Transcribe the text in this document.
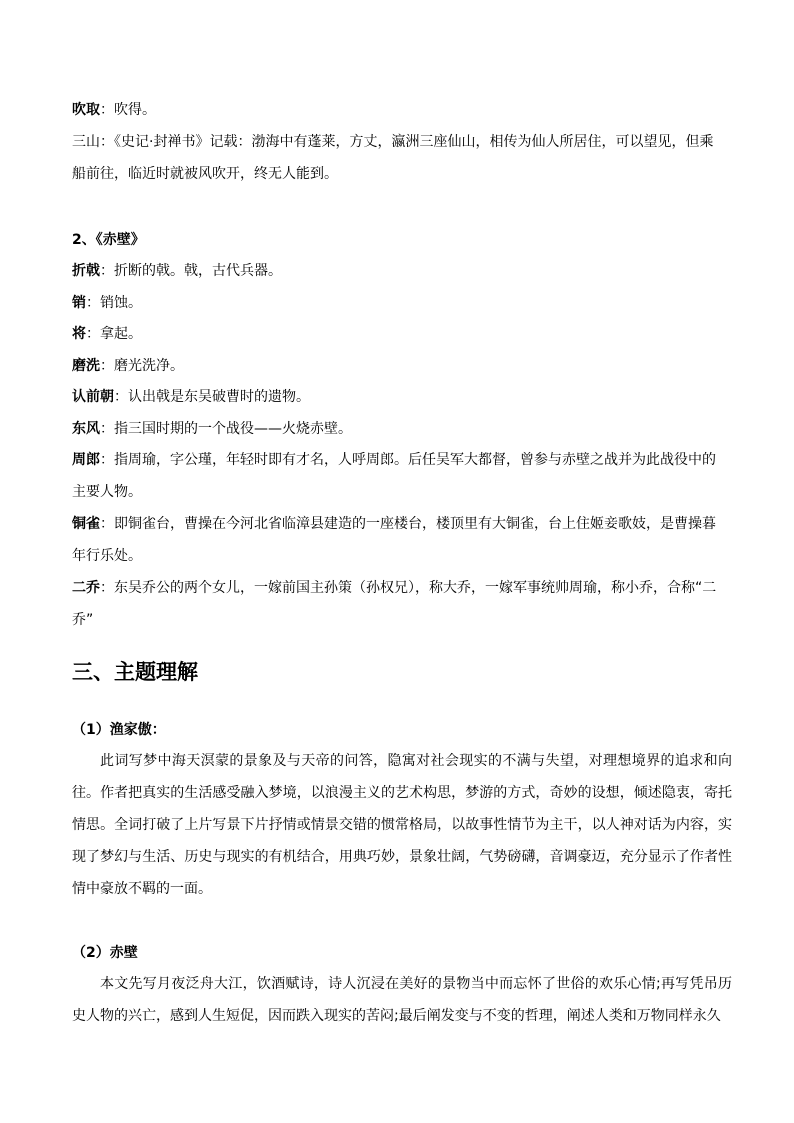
吹取：吹得。
三山：《史记·封禅书》记载：渤海中有蓬莱，方丈，瀛洲三座仙山，相传为仙人所居住，可以望见，但乘船前往，临近时就被风吹开，终无人能到。
2、《赤壁》
折戟：折断的戟。戟，古代兵器。
销：销蚀。
将：拿起。
磨洗：磨光洗净。
认前朝：认出戟是东吴破曹时的遗物。
东风：指三国时期的一个战役——火烧赤壁。
周郎：指周瑜，字公瑾，年轻时即有才名，人呼周郎。后任吴军大都督，曾参与赤壁之战并为此战役中的主要人物。
铜雀：即铜雀台，曹操在今河北省临漳县建造的一座楼台，楼顶里有大铜雀，台上住姬妾歌妓，是曹操暮年行乐处。
二乔：东吴乔公的两个女儿，一嫁前国主孙策（孙权兄），称大乔，一嫁军事统帅周瑜，称小乔，合称“二乔”
三、主题理解
（1）渔家傲：
此词写梦中海天溟蒙的景象及与天帝的问答，隐寓对社会现实的不满与失望，对理想境界的追求和向往。作者把真实的生活感受融入梦境，以浪漫主义的艺术构思，梦游的方式，奇妙的设想，倾述隐衷，寄托情思。全词打破了上片写景下片抒情或情景交错的惯常格局，以故事性情节为主干，以人神对话为内容，实现了梦幻与生活、历史与现实的有机结合，用典巧妙，景象壮阔，气势磅礴，音调豪迈，充分显示了作者性情中豪放不羁的一面。
（2）赤壁
本文先写月夜泛舟大江，饮酒赋诗，诗人沉浸在美好的景物当中而忘怀了世俗的欢乐心情;再写凭吊历史人物的兴亡，感到人生短促，因而跌入现实的苦闷;最后阐发变与不变的哲理，阐述人类和万物同样永久
